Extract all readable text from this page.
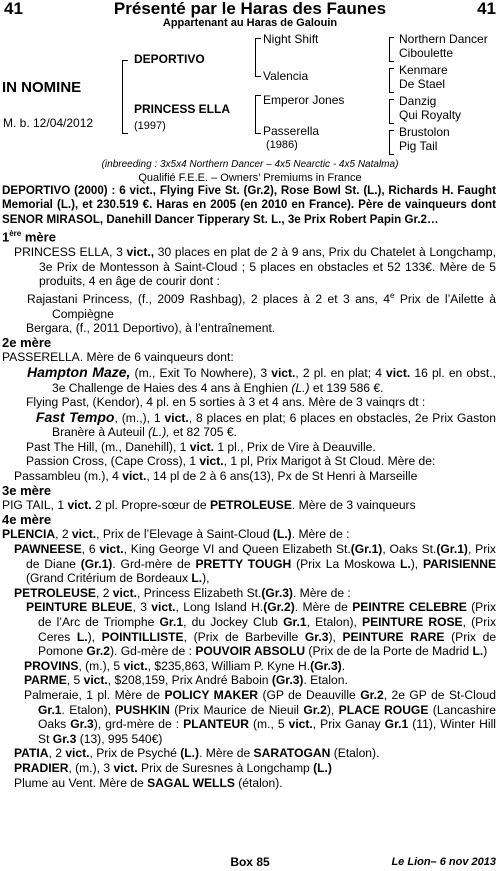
41	Présenté par le Haras des Faunes	41
Appartenant au Haras de Galouin
IN NOMINE
M. b. 12/04/2012
DEPORTIVO
PRINCESS ELLA
(1997)
Night Shift
Valencia
Emperor Jones
Passerella
(1986)
Northern Dancer
Ciboulette
Kenmare
De Stael
Danzig
Qui Royalty
Brustolon
Pig Tail
(inbreeding : 3x5x4 Northern Dancer – 4x5 Nearctic - 4x5 Natalma)
Qualifié F.E.E. – Owners’ Premiums in France

DEPORTIVO (2000) : 6 vict., Flying Five St. (Gr.2), Rose Bowl St. (L.), Richards H. Faught Memorial (L.), et 230.519 €. Haras en 2005 (en 2010 en France). Père de vainqueurs dont SENOR MIRASOL, Danehill Dancer Tipperary St. L., 3e Prix Robert Papin Gr.2…

1ère mère

PRINCESS ELLA, 3 vict., 30 places en plat de 2 à 9 ans, Prix du Chatelet à Longchamp, 3e Prix de Montesson à Saint-Cloud ; 5 places en obstacles et 52 133€. Mère de 5 produits, 4 en âge de courir dont :

Rajastani Princess, (f., 2009 Rashbag), 2 places à 2 et 3 ans, 4e Prix de l’Ailette à Compiègne

Bergara, (f., 2011 Deportivo), à l’entraînement.

2e mère

PASSERELLA. Mère de 6 vainqueurs dont:

Hampton Maze, (m., Exit To Nowhere), 3 vict., 2 pl. en plat; 4 vict. 16 pl. en obst., 3e Challenge de Haies des 4 ans à Enghien (L.) et 139 586 €.

Flying Past, (Kendor), 4 pl. en 5 sorties à 3 et 4 ans. Mère de 3 vainqrs dt :

Fast Tempo, (m.,), 1 vict., 8 places en plat; 6 places en obstacles, 2e Prix Gaston Branère à Auteuil (L.), et 82 705 €.

Past The Hill, (m., Danehill), 1 vict. 1 pl., Prix de Vire à Deauville.

Passion Cross, (Cape Cross), 1 vict., 1 pl, Prix Marigot à St Cloud. Mère de:

Passambleu (m.), 4 vict., 14 pl de 2 à 6 ans(13), Px de St Henri à Marseille

3e mère

PIG TAIL, 1 vict. 2 pl. Propre-sœur de PETROLEUSE. Mère de 3 vainqueurs

4e mère

PLENCIA, 2 vict., Prix de l’Elevage à Saint-Cloud (L.). Mère de :

PAWNEESE, 6 vict., King George VI and Queen Elizabeth St.(Gr.1), Oaks St.(Gr.1), Prix de Diane (Gr.1). Grd-mère de PRETTY TOUGH (Prix La Moskowa L.), PARISIENNE (Grand Critérium de Bordeaux L.),

PETROLEUSE, 2 vict., Princess Elizabeth St.(Gr.3). Mère de :

PEINTURE BLEUE, 3 vict., Long Island H.(Gr.2). Mère de PEINTRE CELEBRE (Prix de l’Arc de Triomphe Gr.1, du Jockey Club Gr.1, Etalon), PEINTURE ROSE, (Prix Ceres L.), POINTILLISTE, (Prix de Barbeville Gr.3), PEINTURE RARE (Prix de Pomone Gr.2). Gd-mère de : POUVOIR ABSOLU (Prix de de la Porte de Madrid L.)

PROVINS, (m.), 5 vict., $235,863, William P. Kyne H.(Gr.3).

PARME, 5 vict., $208,159, Prix André Baboin (Gr.3). Etalon.

Palmeraie, 1 pl. Mère de POLICY MAKER (GP de Deauville Gr.2, 2e GP de St-Cloud Gr.1. Etalon), PUSHKIN (Prix Maurice de Nieuil Gr.2), PLACE ROUGE (Lancashire Oaks Gr.3), grd-mère de : PLANTEUR (m., 5 vict., Prix Ganay Gr.1 (11), Winter Hill St Gr.3 (13), 995 540€)

PATIA, 2 vict., Prix de Psyché (L.). Mère de SARATOGAN (Etalon).

PRADIER, (m.), 3 vict. Prix de Suresnes à Longchamp (L.)

Plume au Vent. Mère de SAGAL WELLS (étalon).

Box 85	Le Lion– 6 nov 2013
